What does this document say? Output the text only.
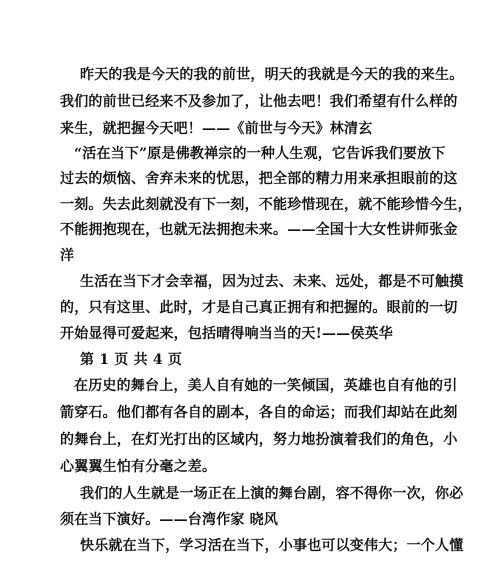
昨天的我是今天的我的前世，明天的我就是今天的我的来生。
我们的前世已经来不及参加了，让他去吧！我们希望有什么样的
来生，就把握今天吧！——《前世与今天》林清玄
“活在当下”原是佛教禅宗的一种人生观，它告诉我们要放下
过去的烦恼、舍弃未来的忧思，把全部的精力用来承担眼前的这
一刻。失去此刻就没有下一刻，不能珍惜现在，就不能珍惜今生，
不能拥抱现在，也就无法拥抱未来。——全国十大女性讲师张金
洋
生活在当下才会幸福，因为过去、未来、远处，都是不可触摸
的，只有这里、此时，才是自己真正拥有和把握的。眼前的一切
开始显得可爱起来，包括晴得响当当的天!——侯英华
第 1 页 共 4 页
在历史的舞台上，美人自有她的一笑倾国，英雄也自有他的引
箭穿石。他们都有各自的剧本，各自的命运；而我们却站在此刻
的舞台上，在灯光打出的区域内，努力地扮演着我们的角色，小
心翼翼生怕有分毫之差。
我们的人生就是一场正在上演的舞台剧，容不得你一次，你必
须在当下演好。——台湾作家 晓风
快乐就在当下，学习活在当下，小事也可以变伟大；一个人懂
